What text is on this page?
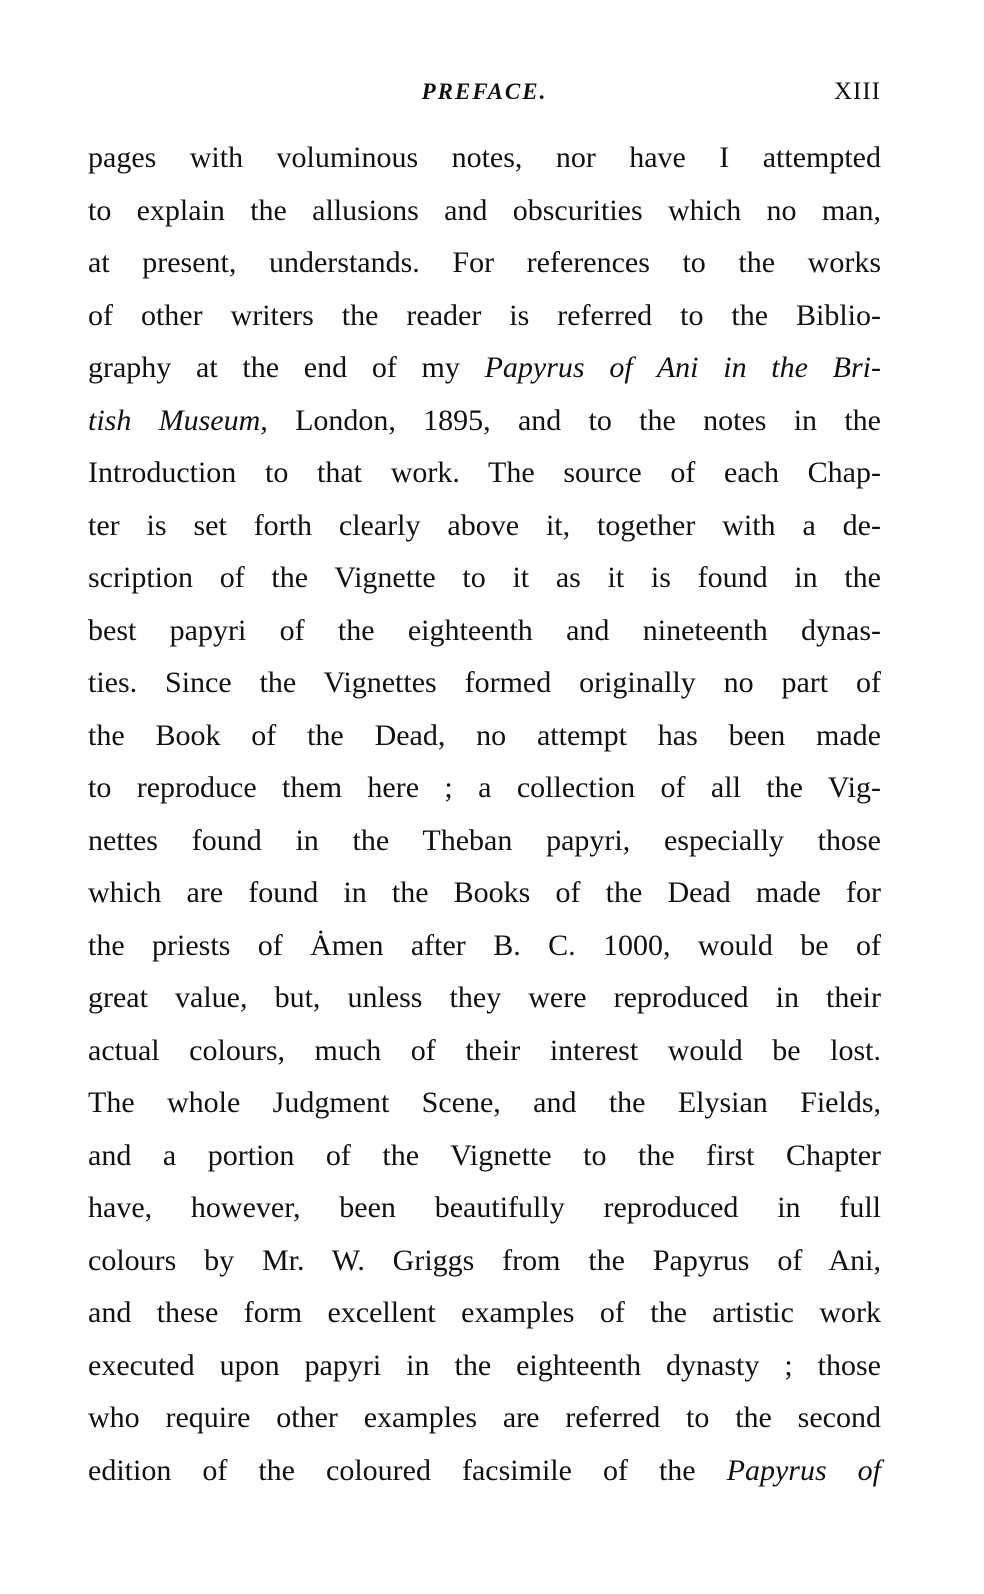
PREFACE.	XIII
pages with voluminous notes, nor have I attempted
to explain the allusions and obscurities which no man,
at present, understands. For references to the works
of other writers the reader is referred to the Biblio-
graphy at the end of my Papyrus of Ani in the Bri-
tish Museum, London, 1895, and to the notes in the
Introduction to that work. The source of each Chap-
ter is set forth clearly above it, together with a de-
scription of the Vignette to it as it is found in the
best papyri of the eighteenth and nineteenth dynas-
ties. Since the Vignettes formed originally no part of
the Book of the Dead, no attempt has been made
to reproduce them here ; a collection of all the Vig-
nettes found in the Theban papyri, especially those
which are found in the Books of the Dead made for
the priests of Ȧmen after B. C. 1000, would be of
great value, but, unless they were reproduced in their
actual colours, much of their interest would be lost.
The whole Judgment Scene, and the Elysian Fields,
and a portion of the Vignette to the first Chapter
have, however, been beautifully reproduced in full
colours by Mr. W. Griggs from the Papyrus of Ani,
and these form excellent examples of the artistic work
executed upon papyri in the eighteenth dynasty ; those
who require other examples are referred to the second
edition of the coloured facsimile of the Papyrus of
